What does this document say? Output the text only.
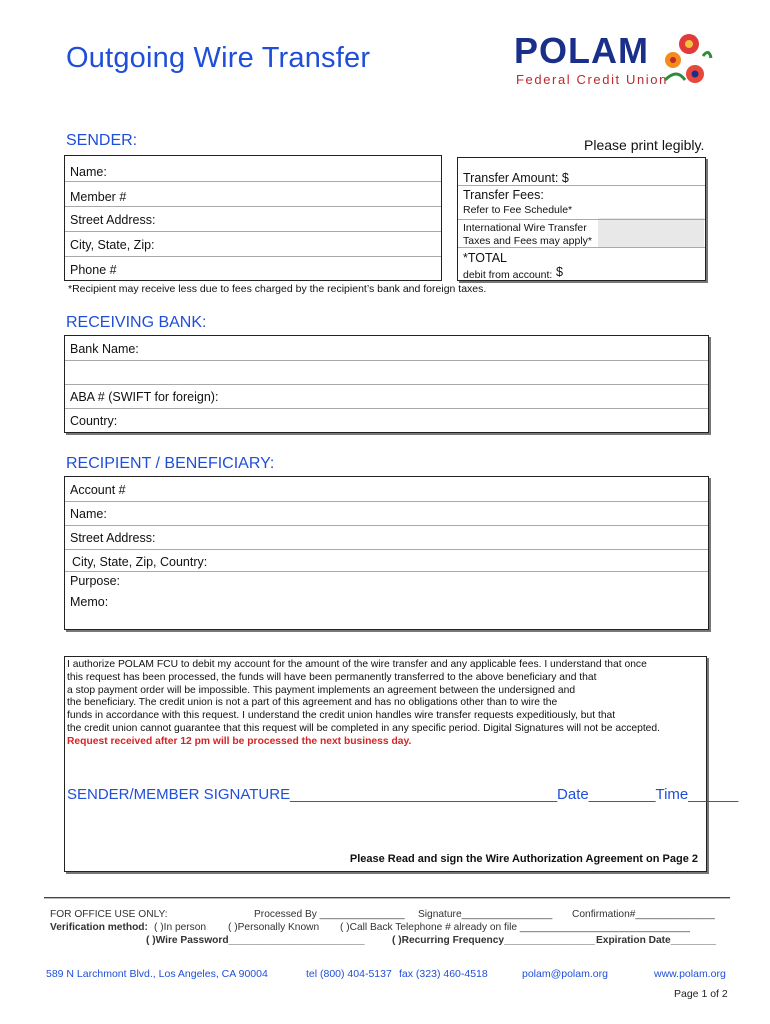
Outgoing Wire Transfer	POLAM
Federal Credit Union
SENDER:	Please print legibly.
Name:
Member #
Street Address:
City, State, Zip:
Phone #
Transfer Amount: $
Transfer Fees:
Refer to Fee Schedule*
International Wire Transfer
Taxes and Fees may apply*
*TOTAL
debit from account: $
*Recipient may receive less due to fees charged by the recipient’s bank and foreign taxes.
RECEIVING BANK:
Bank Name:
ABA # (SWIFT for foreign):
Country:
RECIPIENT / BENEFICIARY:
Account #
Name:
Street Address:
City, State, Zip, Country:
Purpose:
Memo:
I authorize POLAM FCU to debit my account for the amount of the wire transfer and any applicable fees. I understand that once
this request has been processed, the funds will have been permanently transferred to the above beneficiary and that
a stop payment order will be impossible. This payment implements an agreement between the undersigned and
the beneficiary. The credit union is not a part of this agreement and has no obligations other than to wire the
funds in accordance with this request. I understand the credit union handles wire transfer requests expeditiously, but that
the credit union cannot guarantee that this request will be completed in any specific period. Digital Signatures will not be accepted.
Request received after 12 pm will be processed the next business day.
SENDER/MEMBER SIGNATURE________________________________Date________Time______
Please Read and sign the Wire Authorization Agreement on Page 2
FOR OFFICE USE ONLY:	Processed By _______________ Signature________________ Confirmation#______________
Verification method: ( )In person ( )Personally Known ( )Call Back Telephone # already on file ______________________________
( )Wire Password________________________	( )Recurring Frequency________________ Expiration Date________
589 N Larchmont Blvd., Los Angeles, CA 90004	tel (800) 404-5137 fax (323) 460-4518	polam@polam.org	www.polam.org
Page 1 of 2
